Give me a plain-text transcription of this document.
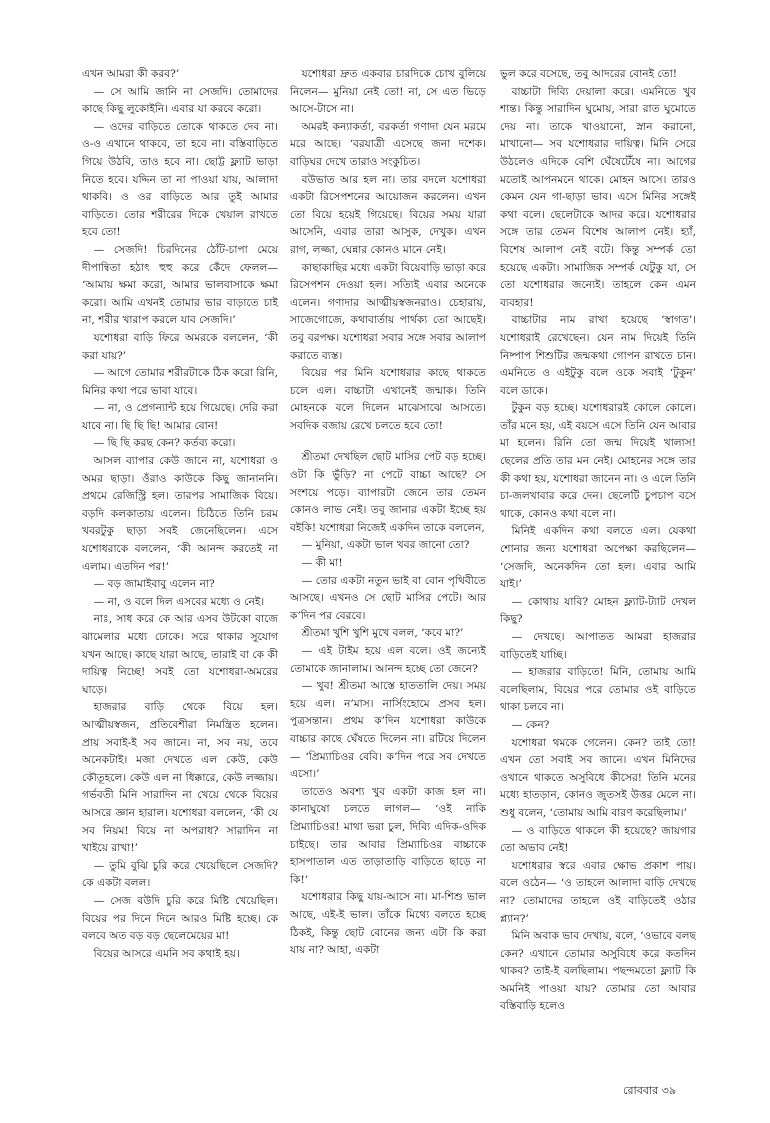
এখন আমরা কী করব?’

— সে আমি জানি না সেজদি। তোমাদের কাছে কিছু লুকোইনি। এবার যা করবে করো।

— ওদের বাড়িতে তোকে থাকতে দেব না। ও-ও এখানে থাকবে, তা হবে না। বস্তিবাড়িতে গিয়ে উঠবি, তাও হবে না। ছোট্ট ফ্ল্যাট ভাড়া নিতে হবে। যদ্দিন তা না পাওয়া যায়, আলাদা থাকবি। ও ওর বাড়িতে আর তুই আমার বাড়িতে। তোর শরীরের দিকে খেয়াল রাখতে হবে তো!

— সেজদি! চিরদিনের ঠোঁট-চাপা মেয়ে দীপান্বিতা হঠাৎ হুহু করে কেঁদে ফেলল— ‘আমায় ক্ষমা করো, আমার ভালবাসাকে ক্ষমা করো। আমি এখনই তোমার ভার বাড়াতে চাই না, শরীর খারাপ করলে যাব সেজদি।’

যশোধরা বাড়ি ফিরে অমরকে বললেন, ‘কী করা যায়?’

— আগে তোমার শরীরটাকে ঠিক করো রিনি, মিনির কথা পরে ভাবা যাবে।

— না, ও প্রেগন্যান্ট হয়ে গিয়েছে। দেরি করা যাবে না। ছি ছি ছি! আমার বোন!

— ছি ছি করছ কেন? কর্তব্য করো।

আসল ব্যাপার কেউ জানে না, যশোধরা ও অমর ছাড়া। ওঁরাও কাউকে কিছু জানাননি। প্রথমে রেজিস্ট্রি হল। তারপর সামাজিক বিয়ে। বড়দি কলকাতায় এলেন। চিঠিতে তিনি চরম খবরটুকু ছাড়া সবই জেনেছিলেন। এসে যশোধরাকে বললেন, ‘কী আনন্দ করতেই না এলাম। এতদিন পর!’

— বড় জামাইবাবু এলেন না?

— না, ও বলে দিল এসবের মধ্যে ও নেই।

নাঃ, সাধ করে কে আর এসব উটকো বাজে ঝামেলার মধ্যে ঢোকে। সরে থাকার সুযোগ যখন আছে। কাছে যারা আছে, তারাই বা কে কী দায়িত্ব নিচ্ছে! সবই তো যশোধরা-অমরের ঘাড়ে।

হাজরার বাড়ি থেকে বিয়ে হল। আত্মীয়স্বজন, প্রতিবেশীরা নিমন্ত্রিত হলেন। প্রায় সবাই-ই সব জানে। না, সব নয়, তবে অনেকটাই। মজা দেখতে এল কেউ, কেউ কৌতূহলে। কেউ এল না ধিক্কারে, কেউ লজ্জায়। গর্ভবতী মিনি সারাদিন না খেয়ে থেকে বিয়ের আসরে জ্ঞান হারাল। যশোধরা বললেন, ‘কী যে সব নিয়ম! বিয়ে না অপরাধ? সারাদিন না খাইয়ে রাখা!’

— তুমি বুঝি চুরি করে খেয়েছিলে সেজদি? কে একটা বলল।

— সেজ বউদি চুরি করে মিষ্টি খেয়েছিল। বিয়ের পর দিনে দিনে আরও মিষ্টি হচ্ছে। কে বলবে অত বড় বড় ছেলেমেয়ের মা!

বিয়ের আসরে এমনি সব কথাই হয়।

যশোধরা দ্রুত একবার চারদিকে চোখ বুলিয়ে নিলেন— মুনিয়া নেই তো! না, সে এত ভিড়ে আসে-টাসে না।

অমরই কন্যাকর্তা, বরকর্তা গণাদা যেন মরমে মরে আছে। ‘বরযাত্রী এসেছে জনা দশেক। বাড়িঘর দেখে তারাও সংকুচিত।

বউভাত আর হল না। তার বদলে যশোধরা একটা রিসেপশনের আয়োজন করলেন। এখন তো বিয়ে হয়েই গিয়েছে। বিয়ের সময় যারা আসেনি, এবার তারা আসুক, দেখুক। এখন রাগ, লজ্জা, ঘেন্নার কোনও মানে নেই।

কাছাকাছির মধ্যে একটা বিয়েবাড়ি ভাড়া করে রিসেপশন দেওয়া হল। সত্যিই এবার অনেকে এলেন। গণাদার আত্মীয়স্বজনরাও। চেহারায়, সাজেগোজে, কথাবার্তায় পার্থক্য তো আছেই। তবু বরপক্ষ। যশোধরা সবার সঙ্গে সবার আলাপ করাতে ব্যস্ত।

বিয়ের পর মিনি যশোধরার কাছে থাকতে চলে এল। বাচ্চাটা এখানেই জন্মাক। তিনি মোহনকে বলে দিলেন মাঝেসাঝে আসতে। সবদিক বজায় রেখে চলতে হবে তো!

শ্রীতমা দেখছিল ছোট মাসির পেট বড় হচ্ছে। ওটা কি ভুঁড়ি? না পেটে বাচ্চা আছে? সে সংশয়ে পড়ে। ব্যাপারটা জেনে তার তেমন কোনও লাভ নেই। তবু জানার একটা ইচ্ছে হয় বইকি! যশোধরা নিজেই একদিন তাকে বললেন,

— মুনিয়া, একটা ভাল খবর জানো তো?

— কী মা!

— তোর একটা নতুন ভাই বা বোন পৃথিবীতে আসছে। এখনও সে ছোট মাসির পেটে। আর ক’দিন পর বেরবে।

শ্রীতমা খুশি খুশি মুখে বলল, ‘কবে মা?’

— এই টাইম হয়ে এল বলে। ওই জন্যেই তোমাকে জানালাম। আনন্দ হচ্ছে তো জেনে?

— খুব! শ্রীতমা আস্তে হাততালি দেয়। সময় হয়ে এল। ন’মাস। নার্সিংহোমে প্রসব হল। পুত্রসন্তান। প্রথম ক’দিন যশোধরা কাউকে বাচ্চার কাছে ঘেঁষতে দিলেন না। রটিয়ে দিলেন— ‘প্রিম্যাচিওর বেবি। ক’দিন পরে সব দেখতে এসো।’

তাতেও অবশ্য খুব একটা কাজ হল না। কানাঘুষো চলতে লাগল— ‘ওই নাকি প্রিম্যাচিওর! মাথা ভরা চুল, দিব্যি এদিক-ওদিক চাইছে। তার আবার প্রিম্যাচিওর বাচ্চাকে হাসপাতাল এত তাড়াতাড়ি বাড়িতে ছাড়ে না কি!’

যশোধরার কিছু যায়-আসে না। মা-শিশু ভাল আছে, এই-ই ভাল। তাঁকে মিথ্যে বলতে হচ্ছে ঠিকই, কিন্তু ছোট বোনের জন্য এটা কি করা যায় না? আহা, একটা

ভুল করে বসেছে, তবু আদরের বোনই তো!

বাচ্চাটা দিব্যি দেয়ালা করে। এমনিতে খুব শান্ত। কিন্তু সারাদিন ঘুমোয়, সারা রাত ঘুমোতে দেয় না। তাকে খাওয়ানো, স্নান করানো, মাখানো— সব যশোধরার দায়িত্ব। মিনি সেরে উঠলেও এদিকে বেশি ঘেঁষেটেঁষে না। আগের মতোই আপনমনে থাকে। মোহন আসে। তারও কেমন যেন গা-ছাড়া ভাব। এসে মিনির সঙ্গেই কথা বলে। ছেলেটাকে আদর করে। যশোধরার সঙ্গে তার তেমন বিশেষ আলাপ নেই। হ্যাঁ, বিশেষ আলাপ নেই বটে। কিন্তু সম্পর্ক তো হয়েছে একটা। সামাজিক সম্পর্ক যেটুকু যা, সে তো যশোধরার জন্যেই। তাহলে কেন এমন ব্যবহার!

বাচ্চাটার নাম রাখা হয়েছে ‘স্বাগত’। যশোধরাই রেখেছেন। যেন নাম দিয়েই তিনি নিষ্পাপ শিশুটির জন্মকথা গোপন রাখতে চান। এমনিতে ও এইটুকু বলে ওকে সবাই ‘টুকুন’ বলে ডাকে।

টুকুন বড় হচ্ছে। যশোধরারই কোলে কোলে। তাঁর মনে হয়, এই বয়সে এসে তিনি যেন আবার মা হলেন। রিনি তো জন্ম দিয়েই খালাস! ছেলের প্রতি তার মন নেই। মোহনের সঙ্গে তার কী কথা হয়, যশোধরা জানেন না। ও এলে তিনি চা-জলখাবার করে দেন। ছেলেটি চুপচাপ বসে থাকে, কোনও কথা বলে না।

মিনিই একদিন কথা বলতে এল। যেকথা শোনার জন্য যশোধরা অপেক্ষা করছিলেন— ‘সেজদি, অনেকদিন তো হল। এবার আমি যাই।’

— কোথায় যাবি? মোহন ফ্ল্যাট-ট্যাট দেখল কিছু?

— দেখছে। আপাতত আমরা হাজরার বাড়িতেই যাচ্ছি।

— হাজরার বাড়িতে! মিনি, তোমায় আমি বলেছিলাম, বিয়ের পরে তোমার ওই বাড়িতে থাকা চলবে না।

— কেন?

যশোধরা থমকে গেলেন। কেন? তাই তো! এখন তো সবাই সব জানে। এখন মিনিদের ওখানে থাকতে অসুবিধে কীসের! তিনি মনের মধ্যে হাতড়ান, কোনও জুতসই উত্তর মেলে না। শুধু বলেন, ‘তোমায় আমি বারণ করেছিলাম।’

— ও বাড়িতে থাকলে কী হয়েছে? জায়গার তো অভাব নেই!

যশোধরার স্বরে এবার ক্ষোভ প্রকাশ পায়। বলে ওঠেন— ‘ও তাহলে আলাদা বাড়ি দেখছে না? তোমাদের তাহলে ওই বাড়িতেই ওঠার প্ল্যান?’

মিনি অবাক ভাব দেখায়, বলে, ‘ওভাবে বলছ কেন? এখানে তোমার অসুবিধে করে কতদিন থাকব? তাই-ই বলছিলাম। পছন্দমতো ফ্ল্যাট কি অমনিই পাওয়া যায়? তোমার তো আবার বস্তিবাড়ি হলেও

রোববার ৩৯
